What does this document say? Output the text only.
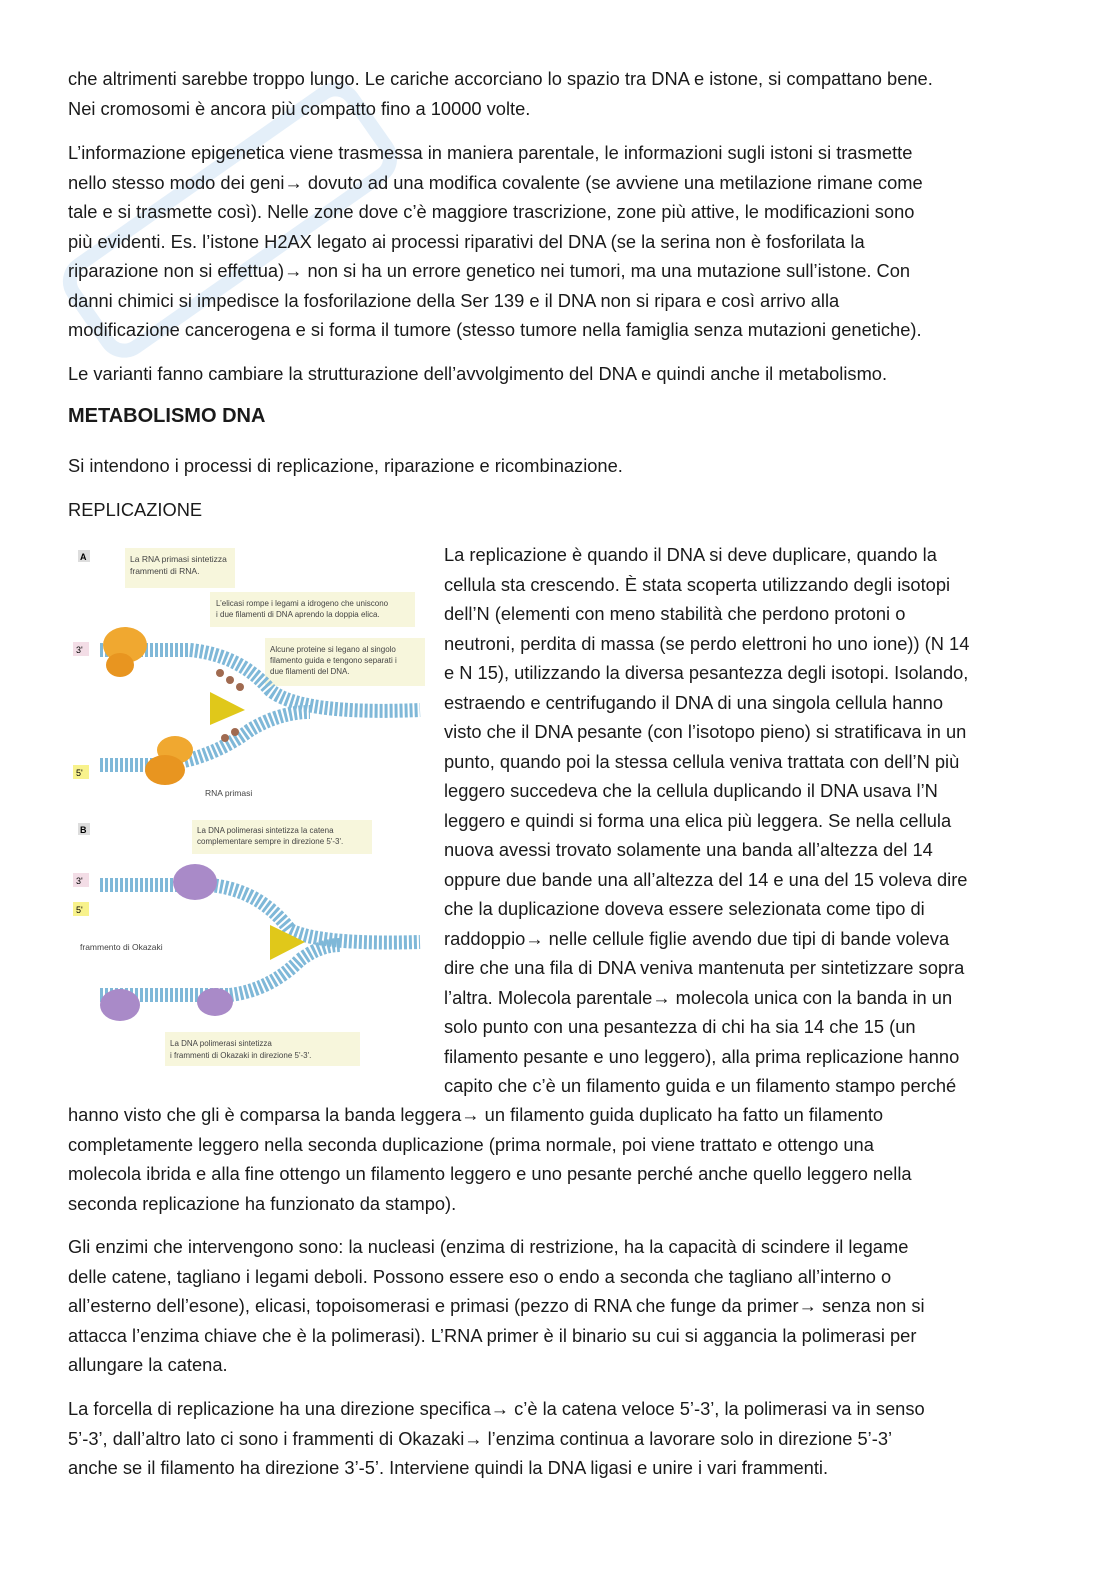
che altrimenti sarebbe troppo lungo. Le cariche accorciano lo spazio tra DNA e istone, si compattano bene.
Nei cromosomi è ancora più compatto fino a 10000 volte.
L’informazione epigenetica viene trasmessa in maniera parentale, le informazioni sugli istoni si trasmette
nello stesso modo dei geni→ dovuto ad una modifica covalente (se avviene una metilazione rimane come
tale e si trasmette così). Nelle zone dove c’è maggiore trascrizione, zone più attive, le modificazioni sono
più evidenti. Es. l’istone H2AX legato ai processi riparativi del DNA (se la serina non è fosforilata la
riparazione non si effettua)→ non si ha un errore genetico nei tumori, ma una mutazione sull’istone. Con
danni chimici si impedisce la fosforilazione della Ser 139 e il DNA non si ripara e così arrivo alla
modificazione cancerogena e si forma il tumore (stesso tumore nella famiglia senza mutazioni genetiche).
Le varianti fanno cambiare la strutturazione dell’avvolgimento del DNA e quindi anche il metabolismo.
METABOLISMO DNA
Si intendono i processi di replicazione, riparazione e ricombinazione.
REPLICAZIONE
La replicazione è quando il DNA si deve duplicare, quando la
cellula sta crescendo. È stata scoperta utilizzando degli isotopi
dell’N (elementi con meno stabilità che perdono protoni o
neutroni, perdita di massa (se perdo elettroni ho uno ione)) (N 14
e N 15), utilizzando la diversa pesantezza degli isotopi. Isolando,
estraendo e centrifugando il DNA di una singola cellula hanno
visto che il DNA pesante (con l’isotopo pieno) si stratificava in un
punto, quando poi la stessa cellula veniva trattata con dell’N più
leggero succedeva che la cellula duplicando il DNA usava l’N
leggero e quindi si forma una elica più leggera. Se nella cellula
nuova avessi trovato solamente una banda all’altezza del 14
oppure due bande una all’altezza del 14 e una del 15 voleva dire
che la duplicazione doveva essere selezionata come tipo di
raddoppio→ nelle cellule figlie avendo due tipi di bande voleva
dire che una fila di DNA veniva mantenuta per sintetizzare sopra
l’altra. Molecola parentale→ molecola unica con la banda in un
solo punto con una pesantezza di chi ha sia 14 che 15 (un
filamento pesante e uno leggero), alla prima replicazione hanno
capito che c’è un filamento guida e un filamento stampo perché
hanno visto che gli è comparsa la banda leggera→ un filamento guida duplicato ha fatto un filamento
completamente leggero nella seconda duplicazione (prima normale, poi viene trattato e ottengo una
molecola ibrida e alla fine ottengo un filamento leggero e uno pesante perché anche quello leggero nella
seconda replicazione ha funzionato da stampo).
Gli enzimi che intervengono sono: la nucleasi (enzima di restrizione, ha la capacità di scindere il legame
delle catene, tagliano i legami deboli. Possono essere eso o endo a seconda che tagliano all’interno o
all’esterno dell’esone), elicasi, topoisomerasi e primasi (pezzo di RNA che funge da primer→ senza non si
attacca l’enzima chiave che è la polimerasi). L’RNA primer è il binario su cui si aggancia la polimerasi per
allungare la catena.
La forcella di replicazione ha una direzione specifica→ c’è la catena veloce 5’-3’, la polimerasi va in senso
5’-3’, dall’altro lato ci sono i frammenti di Okazaki→ l’enzima continua a lavorare solo in direzione 5’-3’
anche se il filamento ha direzione 3’-5’. Interviene quindi la DNA ligasi e unire i vari frammenti.
A	La RNA primasi sintetizza frammenti di RNA.
L’elicasi rompe i legami a idrogeno che uniscono i due filamenti di DNA aprendo la doppia elica.
Alcune proteine si legano al singolo filamento guida e tengono separati i due filamenti del DNA.
3'
5'
RNA primasi
B	La DNA polimerasi sintetizza la catena complementare sempre in direzione 5'-3'.
3'
5'
frammento di Okazaki
La DNA polimerasi sintetizza i frammenti di Okazaki in direzione 5'-3'.
